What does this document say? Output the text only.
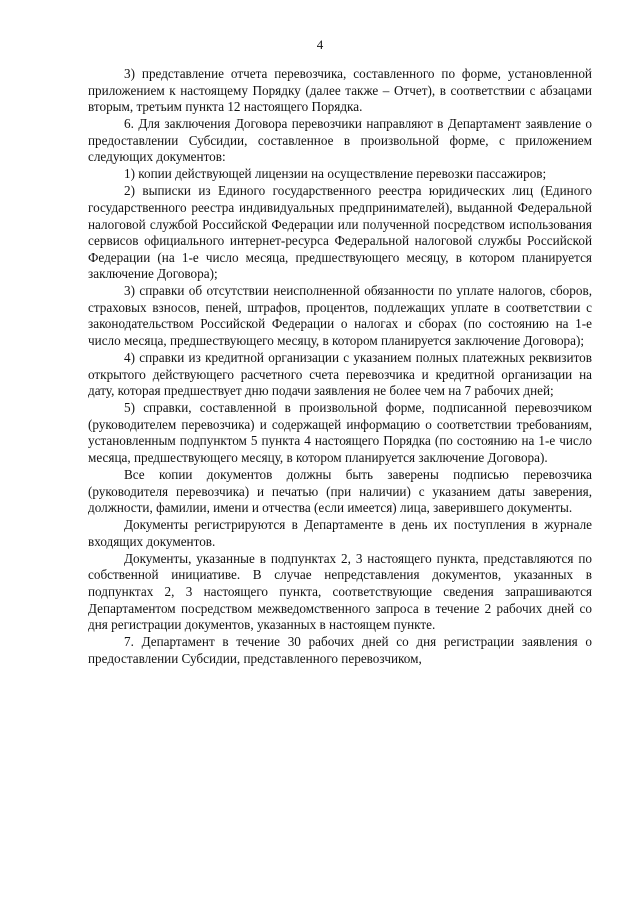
4

3) представление отчета перевозчика, составленного по форме, установленной приложением к настоящему Порядку (далее также – Отчет), в соответствии с абзацами вторым, третьим пункта 12 настоящего Порядка.

6. Для заключения Договора перевозчики направляют в Департамент заявление о предоставлении Субсидии, составленное в произвольной форме, с приложением следующих документов:

1) копии действующей лицензии на осуществление перевозки пассажиров;

2) выписки из Единого государственного реестра юридических лиц (Единого государственного реестра индивидуальных предпринимателей), выданной Федеральной налоговой службой Российской Федерации или полученной посредством использования сервисов официального интернет-ресурса Федеральной налоговой службы Российской Федерации (на 1-е число месяца, предшествующего месяцу, в котором планируется заключение Договора);

3) справки об отсутствии неисполненной обязанности по уплате налогов, сборов, страховых взносов, пеней, штрафов, процентов, подлежащих уплате в соответствии с законодательством Российской Федерации о налогах и сборах (по состоянию на 1-е число месяца, предшествующего месяцу, в котором планируется заключение Договора);

4) справки из кредитной организации с указанием полных платежных реквизитов открытого действующего расчетного счета перевозчика и кредитной организации на дату, которая предшествует дню подачи заявления не более чем на 7 рабочих дней;

5) справки, составленной в произвольной форме, подписанной перевозчиком (руководителем перевозчика) и содержащей информацию о соответствии требованиям, установленным подпунктом 5 пункта 4 настоящего Порядка (по состоянию на 1-е число месяца, предшествующего месяцу, в котором планируется заключение Договора).

Все копии документов должны быть заверены подписью перевозчика (руководителя перевозчика) и печатью (при наличии) с указанием даты заверения, должности, фамилии, имени и отчества (если имеется) лица, заверившего документы.

Документы регистрируются в Департаменте в день их поступления в журнале входящих документов.

Документы, указанные в подпунктах 2, 3 настоящего пункта, представляются по собственной инициативе. В случае непредставления документов, указанных в подпунктах 2, 3 настоящего пункта, соответствующие сведения запрашиваются Департаментом посредством межведомственного запроса в течение 2 рабочих дней со дня регистрации документов, указанных в настоящем пункте.

7. Департамент в течение 30 рабочих дней со дня регистрации заявления о предоставлении Субсидии, представленного перевозчиком,
